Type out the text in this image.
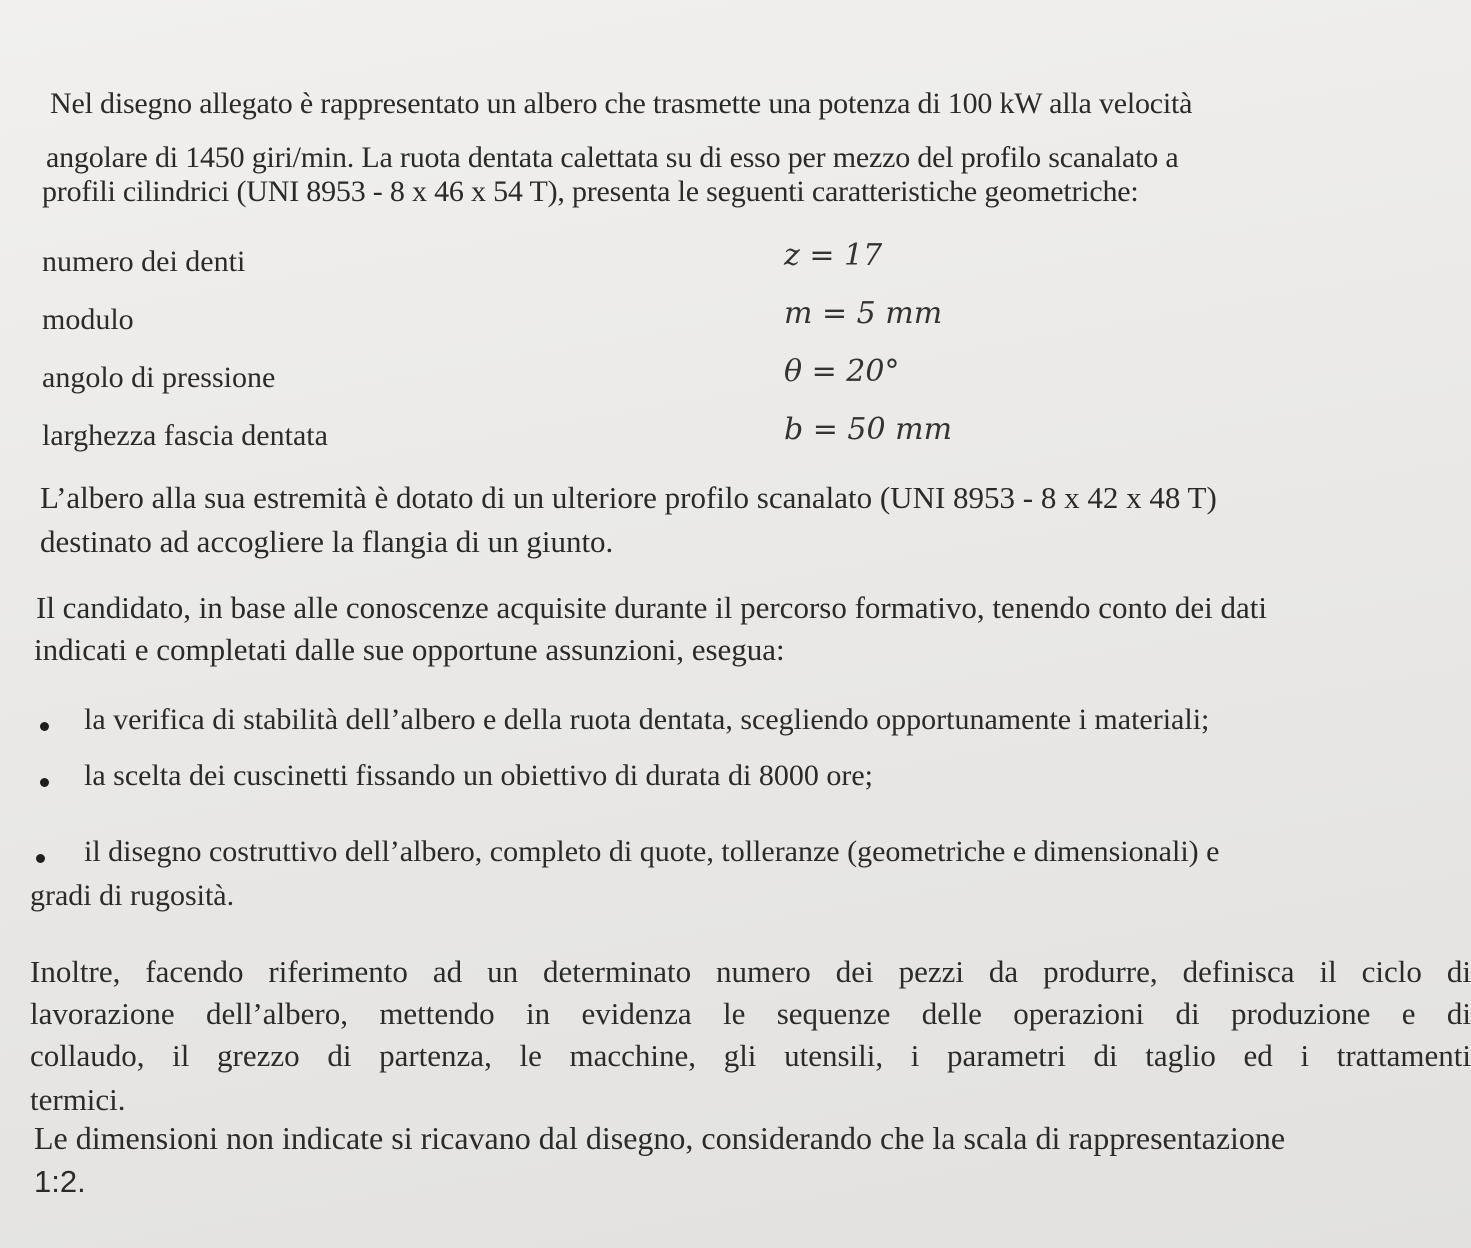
Nel disegno allegato è rappresentato un albero che trasmette una potenza di 100 kW alla velocità
angolare di 1450 giri/min. La ruota dentata calettata su di esso per mezzo del profilo scanalato a
profili cilindrici (UNI 8953 - 8 x 46 x 54 T), presenta le seguenti caratteristiche geometriche:
numero dei denti	z = 17
modulo	m = 5 mm
angolo di pressione	θ = 20°
larghezza fascia dentata	b = 50 mm
L’albero alla sua estremità è dotato di un ulteriore profilo scanalato (UNI 8953 - 8 x 42 x 48 T)
destinato ad accogliere la flangia di un giunto.
Il candidato, in base alle conoscenze acquisite durante il percorso formativo, tenendo conto dei dati
indicati e completati dalle sue opportune assunzioni, esegua:
la verifica di stabilità dell’albero e della ruota dentata, scegliendo opportunamente i materiali;
la scelta dei cuscinetti fissando un obiettivo di durata di 8000 ore;
il disegno costruttivo dell’albero, completo di quote, tolleranze (geometriche e dimensionali) e
gradi di rugosità.
Inoltre, facendo riferimento ad un determinato numero dei pezzi da produrre, definisca il ciclo di
lavorazione dell’albero, mettendo in evidenza le sequenze delle operazioni di produzione e di
collaudo, il grezzo di partenza, le macchine, gli utensili, i parametri di taglio ed i trattamenti
termici.
Le dimensioni non indicate si ricavano dal disegno, considerando che la scala di rappresentazione
1:2.
